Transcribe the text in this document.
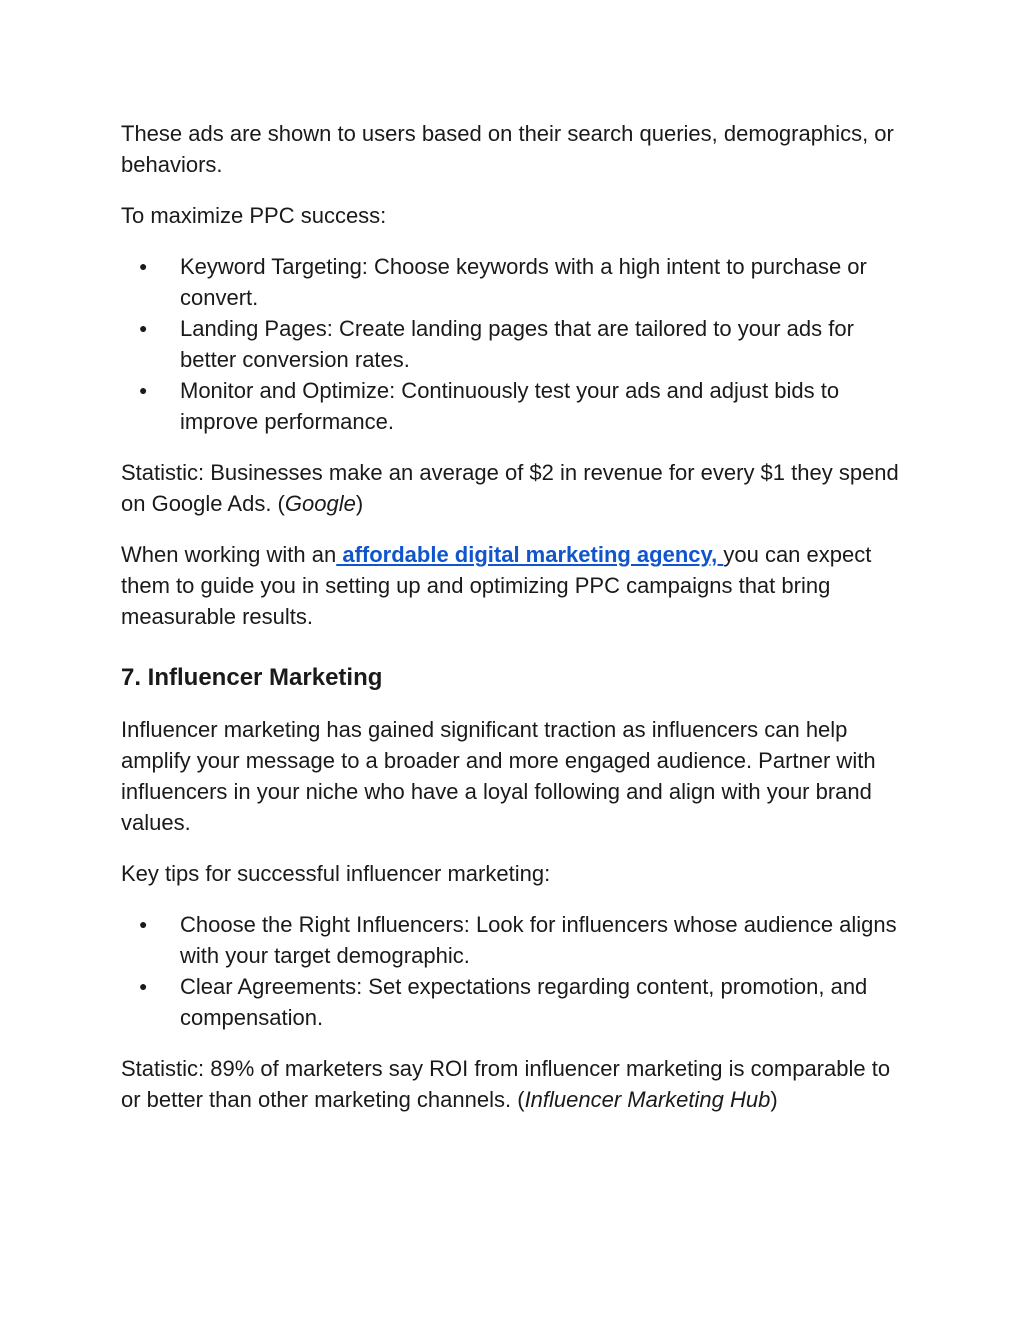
These ads are shown to users based on their search queries, demographics, or behaviors.

To maximize PPC success:

● Keyword Targeting: Choose keywords with a high intent to purchase or convert.
● Landing Pages: Create landing pages that are tailored to your ads for better conversion rates.
● Monitor and Optimize: Continuously test your ads and adjust bids to improve performance.

Statistic: Businesses make an average of $2 in revenue for every $1 they spend on Google Ads. (Google)

When working with an affordable digital marketing agency, you can expect them to guide you in setting up and optimizing PPC campaigns that bring measurable results.

7. Influencer Marketing

Influencer marketing has gained significant traction as influencers can help amplify your message to a broader and more engaged audience. Partner with influencers in your niche who have a loyal following and align with your brand values.

Key tips for successful influencer marketing:

● Choose the Right Influencers: Look for influencers whose audience aligns with your target demographic.
● Clear Agreements: Set expectations regarding content, promotion, and compensation.

Statistic: 89% of marketers say ROI from influencer marketing is comparable to or better than other marketing channels. (Influencer Marketing Hub)
